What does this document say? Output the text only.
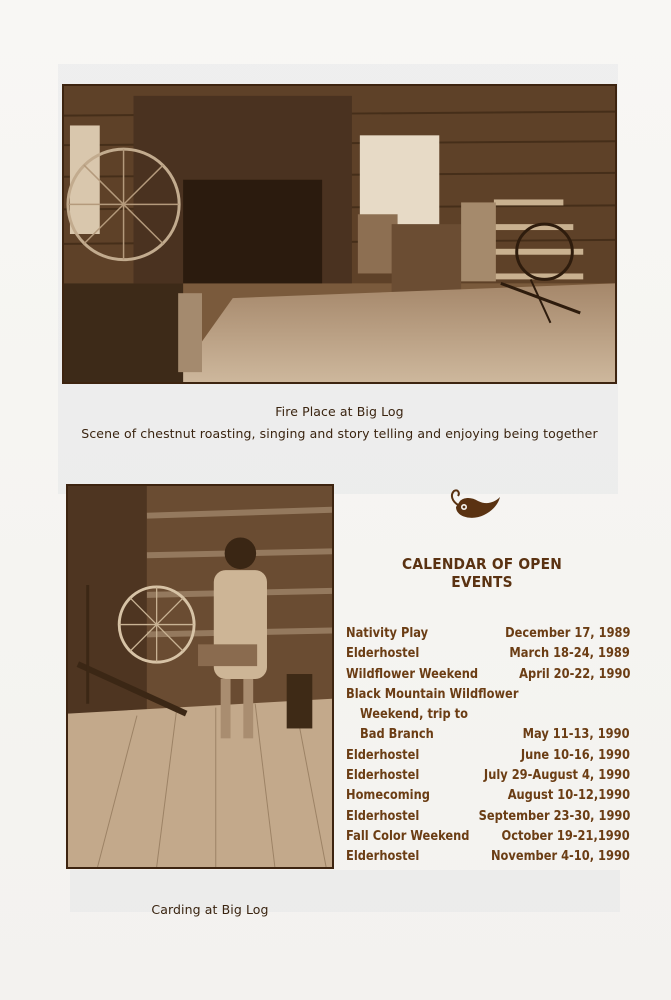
Fire Place at Big Log
Scene of chestnut roasting, singing and story telling and enjoying being together
Carding at Big Log
CALENDAR OF OPEN EVENTS
Nativity Play	December 17, 1989
Elderhostel	March 18-24, 1989
Wildflower Weekend	April 20-22, 1990
Black Mountain Wildflower
Weekend, trip to
Bad Branch	May 11-13, 1990
Elderhostel	June 10-16, 1990
Elderhostel	July 29-August 4, 1990
Homecoming	August 10-12,1990
Elderhostel	September 23-30, 1990
Fall Color Weekend October 19-21,1990
Elderhostel	November 4-10, 1990
